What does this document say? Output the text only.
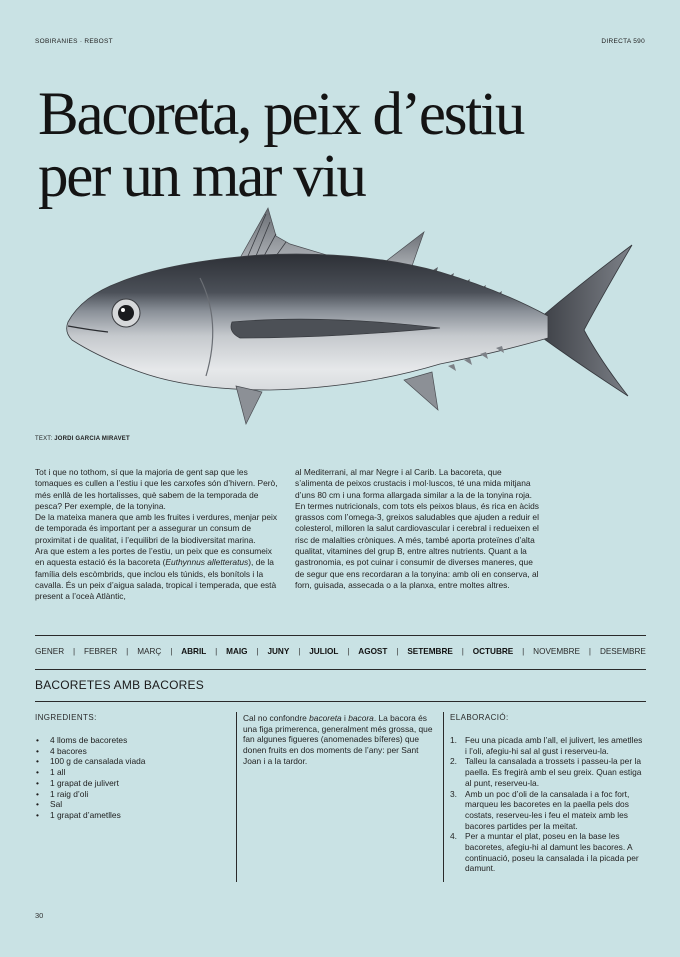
SOBIRANIES · REBOST	DIRECTA 590
Bacoreta, peix d’estiu
per un mar viu
TEXT: JORDI GARCIA MIRAVET

Tot i que no tothom, sí que la majoria de gent sap que les tomaques es cullen a l’estiu i que les carxofes són d’hivern. Però, més enllà de les hortalisses, què sabem de la temporada de pesca? Per exemple, de la tonyina.

De la mateixa manera que amb les fruites i verdures, menjar peix de temporada és important per a assegurar un consum de proximitat i de qualitat, i l’equilibri de la biodiversitat marina.

Ara que estem a les portes de l’estiu, un peix que es consumeix en aquesta estació és la bacoreta (Euthynnus alletteratus), de la família dels escòmbrids, que inclou els túnids, els bonítols i la cavalla. És un peix d’aigua salada, tropical i temperada, que està present a l’oceà Atlàntic,

al Mediterrani, al mar Negre i al Carib. La bacoreta, que s’alimenta de peixos crustacis i mol·luscos, té una mida mitjana d’uns 80 cm i una forma allargada similar a la de la tonyina roja.

En termes nutricionals, com tots els peixos blaus, és rica en àcids grassos com l’omega-3, greixos saludables que ajuden a reduir el colesterol, milloren la salut cardiovascular i cerebral i redueixen el risc de malalties cròniques. A més, també aporta proteïnes d’alta qualitat, vitamines del grup B, entre altres nutrients. Quant a la gastronomia, es pot cuinar i consumir de diverses maneres, que de segur que ens recordaran a la tonyina: amb oli en conserva, al forn, guisada, assecada o a la planxa, entre moltes altres.

GENER | FEBRER | MARÇ | ABRIL | MAIG | JUNY | JULIOL | AGOST | SETEMBRE | OCTUBRE | NOVEMBRE | DESEMBRE
BACORETES AMB BACORES
INGREDIENTS:
• 4 lloms de bacoretes
• 4 bacores
• 100 g de cansalada viada
• 1 all
• 1 grapat de julivert
• 1 raig d’oli
• Sal
• 1 grapat d’ametlles
Cal no confondre bacoreta i bacora. La bacora és una figa primerenca, generalment més grossa, que fan algunes figueres (anomenades bíferes) que donen fruits en dos moments de l’any: per Sant Joan i a la tardor.
ELABORACIÓ:
1. Feu una picada amb l’all, el julivert, les ametlles i l’oli, afegiu-hi sal al gust i reserveu-la.
2. Talleu la cansalada a trossets i passeu-la per la paella. Es fregirà amb el seu greix. Quan estiga al punt, reserveu-la.
3. Amb un poc d’oli de la cansalada i a foc fort, marqueu les bacoretes en la paella pels dos costats, reserveu-les i feu el mateix amb les bacores partides per la meitat.
4. Per a muntar el plat, poseu en la base les bacoretes, afegiu-hi al damunt les bacores. A continuació, poseu la cansalada i la picada per damunt.
30
